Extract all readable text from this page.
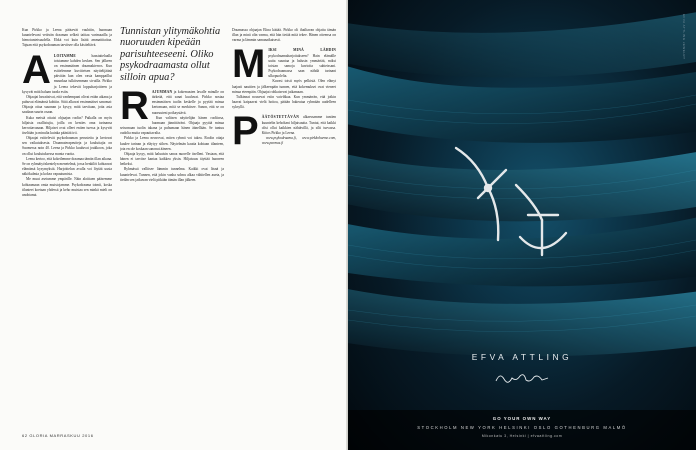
Kun Pirkko ja Leena pääsevät vauhtiin, huomaan kuuntelevani vetävän draaman selkeä taittaa vartmaailla ja hienotunteisuudella. Ehkä voi kuin lisätä ammattitaitoa. Tajuan että psykodraaman tarvitsee olla käsiteltävä.

A LOITAMME	haastattelualla toistamme kahden kesken. Sen jälkeen on ensimmäinen draamakierros. Kun esittelemme kuvitteisen näyttelijäänä päivitän kun olen vasta kamppaillut muunkaa tulkitsemman sivuilla. Pirkko ja Leena tekevät loppuharjoitteen ja kysyvät mitä haluan tuoda esiin.

Ohjaajat havaitsivat, että vanhempani olivat erään aikana ja puhuvat elämänsä kohtiin. Siitä alkavat ensimmäiset sanomat: Ohjaaja ottaa suunnan ja kysyy, mitä tarvitaan, jotta asia saadaan suurin osaan.

Kuka meistä ottaisi ohjaajan roolin? Paikalla on myös hiljaisia osallistujia, joilla on kenties oma tarinansa kerrottavanaan. Hiljaiset ovat olleet eniten tuessa ja kysyvät itseltään ja minulta kuinka päästää irti.

Ohjaajat esittelevät psykodraaman perusteita ja kertovat sen vaikutuksesta. Draamaterapeutteja ja kouluttajia on Suomessa noin 40. Leena ja Pirkko kuuluvat joukkoon, joka on ollut koulutuksessa monta vuotta.

Leena kertoo, että kokeilemme draamaa tämän illan aikana. Se on ryhmätyöskentelyn menetelmä, jossa henkilöt kohtaavat elämänsä kysymyksiä. Harjoittelun avulla voi löytää uusia näkökulmia ja kokea vapautumista.

Me muut asetumme ympärille. Näin aloittaen pääsemme kohtaamaan omia muistojamme. Psykodraama toimii, koska tilanteet koetaan yhdessä ja keho muistaa sen minkä mieli on unohtanut.

Tunnistan ylitymäkohtia nuoruuden kipeään parisuhteeseeni. Oliko psykodraamasta ollut silloin apua?

R AJUMMAN ja kokemusten lavalle minulle on tärkeää, että sanat kuuluvat. Pirkko nostaa ensimmäisen tuolin keskelle ja pyytää minua kertomaan, mitä se merkitsee. Sanon, että se on nuoruuteni poikaystävä.

Kun valitsen näyttelijän hänen rooliinsa, huomaan jännittäväni. Ohjaaja pyytää minua seisomaan tuolin takana ja puhumaan hänen äänellään. Se tuntuu oudolta mutta vapauttavalta.

Pirkko ja Leena neuvovat, miten ryhmä voi tukea. Roolin ottaja kuulee tarinan ja eläytyy siihen. Näytelmän kautta kohtaan tilanteen, jota en ole koskaan sanonut ääneen.

Ohjaaja kysyy, mitä haluaisin sanoa nuorelle itselleni. Vastaan, että hänen ei tarvitse kantaa kaikkea yksin. Hiljaisuus täyttää huoneen hetkeksi.

Ryhmässä vallitsee lämmin tunnelma. Kaikki ovat läsnä ja kuuntelevat. Tunnen, että jokin vanha solmu alkaa vähitellen aueta, ja tiedän sen jatkuvan vielä pitkään tämän illan jälkeen.

Draamassa ohjaajan Elina kättää. Pirkko oli ihailtavan ohjattu tämän illan ja minä olin varma, että hän tietää mitä tekee. Hänen otteensa on varma ja lämmin samanaikaisesti.

M IKSI MINÄ LÄHDIN psykodraamaharjoitukseen? Hain elämälle uutta suuntaa ja halusin ymmärtää, miksi toistan samoja kuvioita suhteissani. Psykodraamassa saan nähdä tarinani ulkopuolelta.

Kuvasi toisti myös pelkistä. Olen elänyt laajasti nauttien ja jälkeenpäin tunnen, että kokemukset ovat vieneet minua eteenpäin. Ohjaajat rohkaisevat jatkamaan.

Tulkinnat nousevat esiin vaivihkaa. Kun ymmärrän, että jotkin haavat kaipaavat vielä hoitoa, päätän hakeutua ryhmään uudelleen syksyllä.

P ÄÄTÖSTETTÄVÄN alkaessamme tuntien kuuntelin keholtani hiljaisuutta. Tuntui, että kaikki olisi ollut kaikkien nähtävillä, ja silti turvassa. Kiitos Pirkko ja Leena.

www.psykodraama.fi, www.pirkkoharme.com, www.parmas.fi

62 GLORIA MARRASKUU 2016
EFVA ATTLING JEWELRY
EFVA ATTLING
GO YOUR OWN WAY
STOCKHOLM NEW YORK HELSINKI OSLO GOTHENBURG MALMÖ
Mikonkatu 3, Helsinki | efvaattling.com
